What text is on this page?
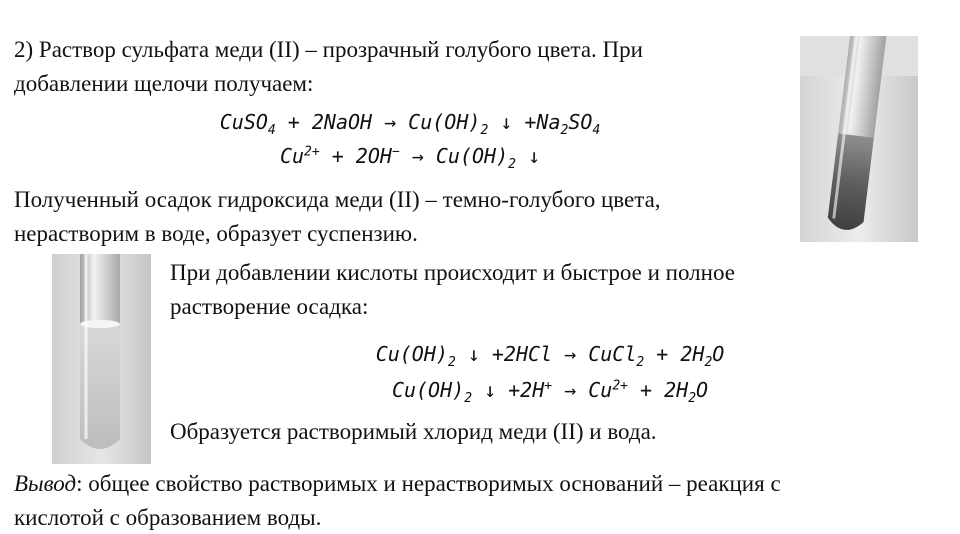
2) Раствор сульфата меди (II) – прозрачный голубого цвета. При

добавлении щелочи получаем:

CuSO$_4$ + 2NaOH → $Cu(OH)_2$ ↓ $+Na_2SO_4$
$Cu^{2+} + 2OH^- \to Cu(OH)_2$ ↓

Полученный осадок гидроксида меди (II) – темно-голубого цвета,

нерастворим в воде, образует суспензию.

При добавлении кислоты происходит и быстрое и полное

растворение осадка:

$Cu(OH)_2$ ↓ +2HCl → CuCl$_2$ + $2H_2O$
$Cu(OH)_2$ ↓ $+2H^+ \to Cu^{2+} + 2H_2O$

Образуется растворимый хлорид меди (II) и вода.

Вывод: общее свойство растворимых и нерастворимых оснований – реакция с

кислотой с образованием воды.
